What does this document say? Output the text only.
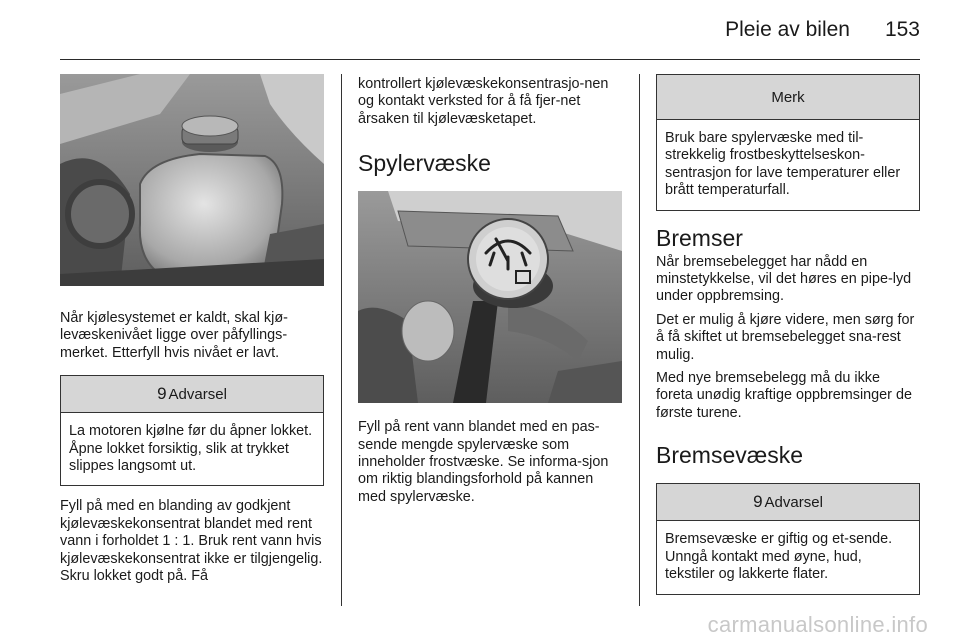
Pleie av bilen 153

Når kjølesystemet er kaldt, skal kjø-levæskenivået ligge over påfyllings-merket. Etterfyll hvis nivået er lavt.

9 Advarsel
La motoren kjølne før du åpner lokket. Åpne lokket forsiktig, slik at trykket slippes langsomt ut.

Fyll på med en blanding av godkjent kjølevæskekonsentrat blandet med rent vann i forholdet 1 : 1. Bruk rent vann hvis kjølevæskekonsentrat ikke er tilgjengelig. Skru lokket godt på. Få

kontrollert kjølevæskekonsentrasjo-nen og kontakt verksted for å få fjer-net årsaken til kjølevæsketapet.

Spylervæske

Fyll på rent vann blandet med en pas-sende mengde spylervæske som inneholder frostvæske. Se informa-sjon om riktig blandingsforhold på kannen med spylervæske.

Merk
Bruk bare spylervæske med til-strekkelig frostbeskyttelseskon-sentrasjon for lave temperaturer eller brått temperaturfall.
Bremser

Når bremsebelegget har nådd en minstetykkelse, vil det høres en pipe-lyd under oppbremsing.

Det er mulig å kjøre videre, men sørg for å få skiftet ut bremsebelegget sna-rest mulig.

Med nye bremsebelegg må du ikke foreta unødig kraftige oppbremsinger de første turene.

Bremsevæske
9 Advarsel
Bremsevæske er giftig og et-sende. Unngå kontakt med øyne, hud, tekstiler og lakkerte flater.
carmanualsonline.info
